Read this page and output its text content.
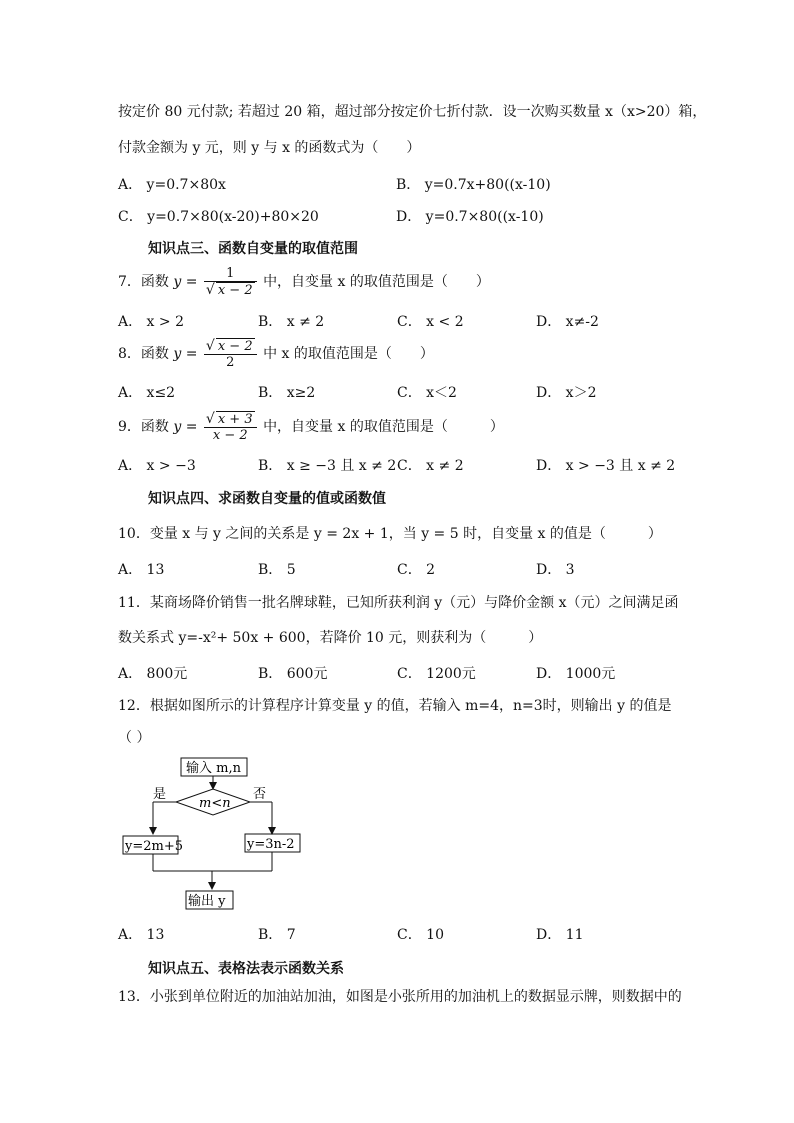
按定价 80 元付款; 若超过 20 箱，超过部分按定价七折付款．设一次购买数量 x（x>20）箱，
付款金额为 y 元，则 y 与 x 的函数式为（　　）
A． y=0.7×80x	B． y=0.7x+80((x-10)
C． y=0.7×80(x-20)+80×20	D． y=0.7×80((x-10)
知识点三、函数自变量的取值范围
7．函数 $y = \frac{1}{√ x - 2}$ 中，自变量 x 的取值范围是（　　）
A． x > 2	B． x ≠ 2	C． x < 2	D． x≠-2
8．函数 $y = \frac{√ x - 2}{2}$ 中 x 的取值范围是（　　）
A． x≤2	B． x≥2	C． x＜2	D． x＞2
9．函数 $y = \frac{√ x + 3}{x - 2}$ 中，自变量 x 的取值范围是（　　　）
A． x > −3	B． x ≥ −3 且 x ≠ 2 C． x ≠ 2	D． x > −3 且 x ≠ 2
知识点四、求函数自变量的值或函数值
10．变量 x 与 y 之间的关系是 y = 2x + 1，当 y = 5 时，自变量 x 的值是（　　　）
A． 13	B． 5	C． 2	D． 3
11．某商场降价销售一批名牌球鞋，已知所获利润 y（元）与降价金额 x（元）之间满足函
数关系式 y=-x²+ 50x + 600，若降价 10 元，则获利为（　　　）
A． 800元	B． 600元	C． 1200元	D． 1000元
12．根据如图所示的计算程序计算变量 y 的值，若输入 m=4，n=3时，则输出 y 的值是
（ ）
输入 m,n
m<n
是	否
y=2m+5	y=3n-2
输出 y
A． 13	B． 7	C． 10	D． 11
知识点五、表格法表示函数关系
13．小张到单位附近的加油站加油，如图是小张所用的加油机上的数据显示牌，则数据中的
